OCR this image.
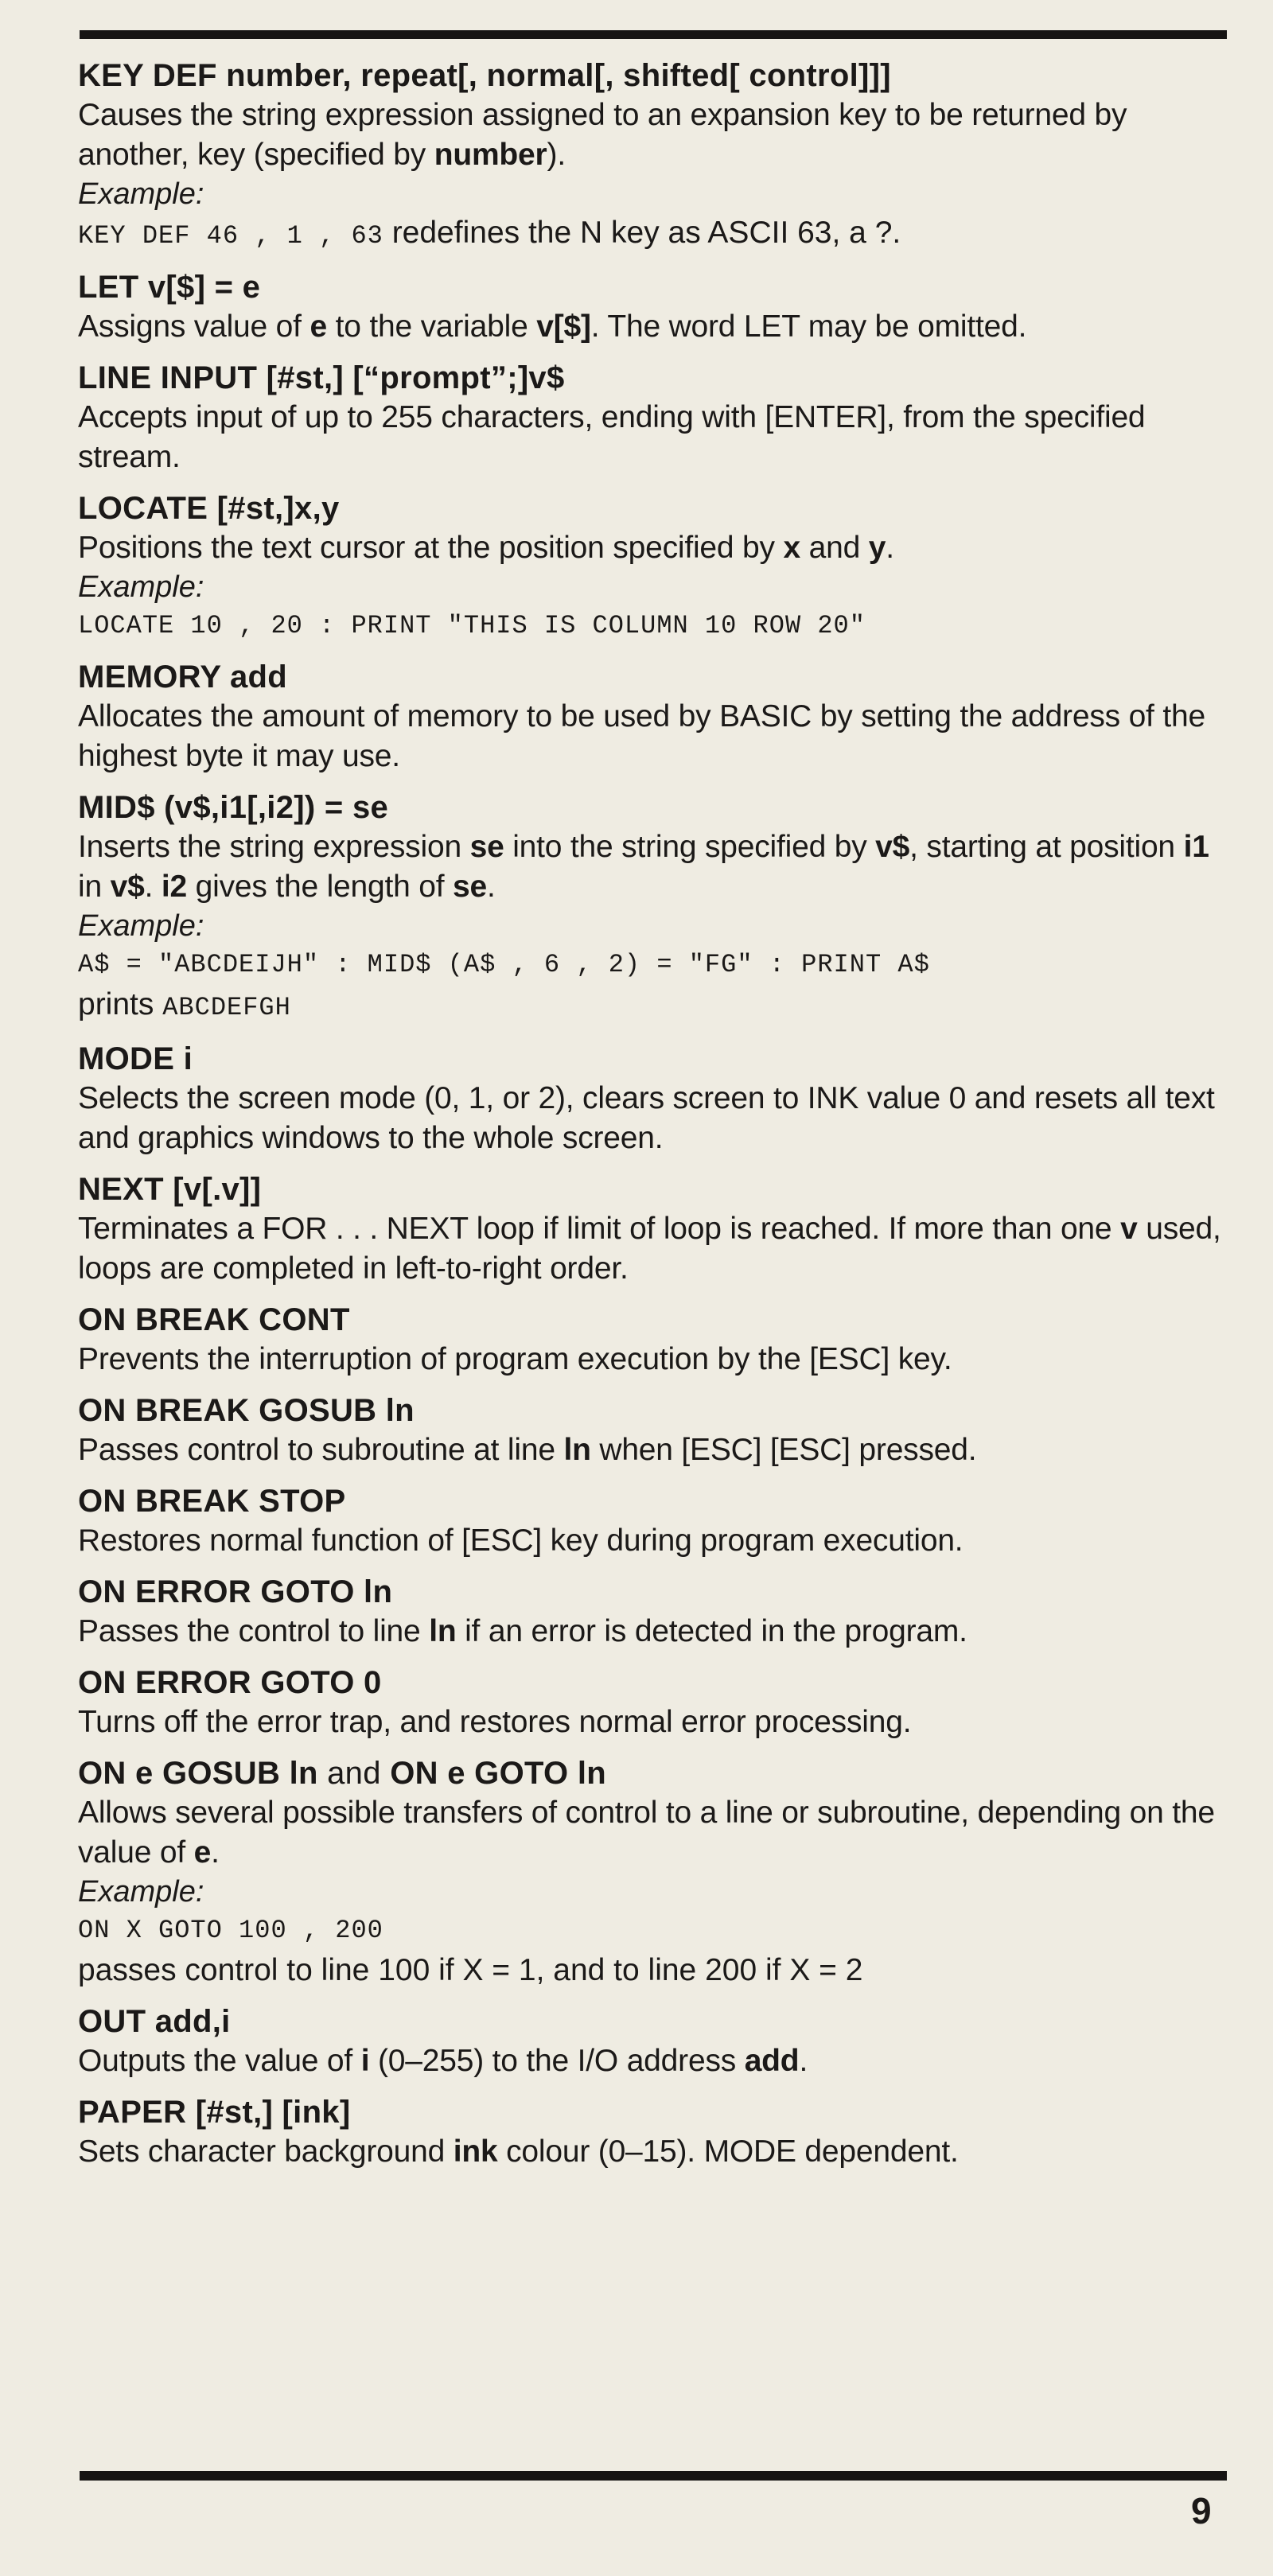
KEY DEF number, repeat[, normal[, shifted[ control]]]
Causes the string expression assigned to an expansion key to be returned by another, key (specified by number).
Example:
KEY DEF 46 , 1 , 63 redefines the N key as ASCII 63, a ?.
LET v[$] = e
Assigns value of e to the variable v[$]. The word LET may be omitted.
LINE INPUT [#st,] [“prompt”;]v$
Accepts input of up to 255 characters, ending with [ENTER], from the specified stream.
LOCATE [#st,]x,y
Positions the text cursor at the position specified by x and y.
Example:
LOCATE 10 , 20 : PRINT "THIS IS COLUMN 10 ROW 20"
MEMORY add
Allocates the amount of memory to be used by BASIC by setting the address of the highest byte it may use.
MID$ (v$,i1[,i2]) = se
Inserts the string expression se into the string specified by v$, starting at position i1 in v$. i2 gives the length of se.
Example:
A$ = "ABCDEIJH" : MID$ (A$ , 6 , 2) = "FG" : PRINT A$
prints ABCDEFGH
MODE i
Selects the screen mode (0, 1, or 2), clears screen to INK value 0 and resets all text and graphics windows to the whole screen.
NEXT [v[.v]]
Terminates a FOR . . . NEXT loop if limit of loop is reached. If more than one v used, loops are completed in left-to-right order.
ON BREAK CONT
Prevents the interruption of program execution by the [ESC] key.
ON BREAK GOSUB ln
Passes control to subroutine at line ln when [ESC] [ESC] pressed.
ON BREAK STOP
Restores normal function of [ESC] key during program execution.
ON ERROR GOTO ln
Passes the control to line ln if an error is detected in the program.
ON ERROR GOTO 0
Turns off the error trap, and restores normal error processing.
ON e GOSUB ln and ON e GOTO ln
Allows several possible transfers of control to a line or subroutine, depending on the value of e.
Example:
ON X GOTO 100 , 200
passes control to line 100 if X = 1, and to line 200 if X = 2
OUT add,i
Outputs the value of i (0–255) to the I/O address add.
PAPER [#st,] [ink]
Sets character background ink colour (0–15). MODE dependent.
9
